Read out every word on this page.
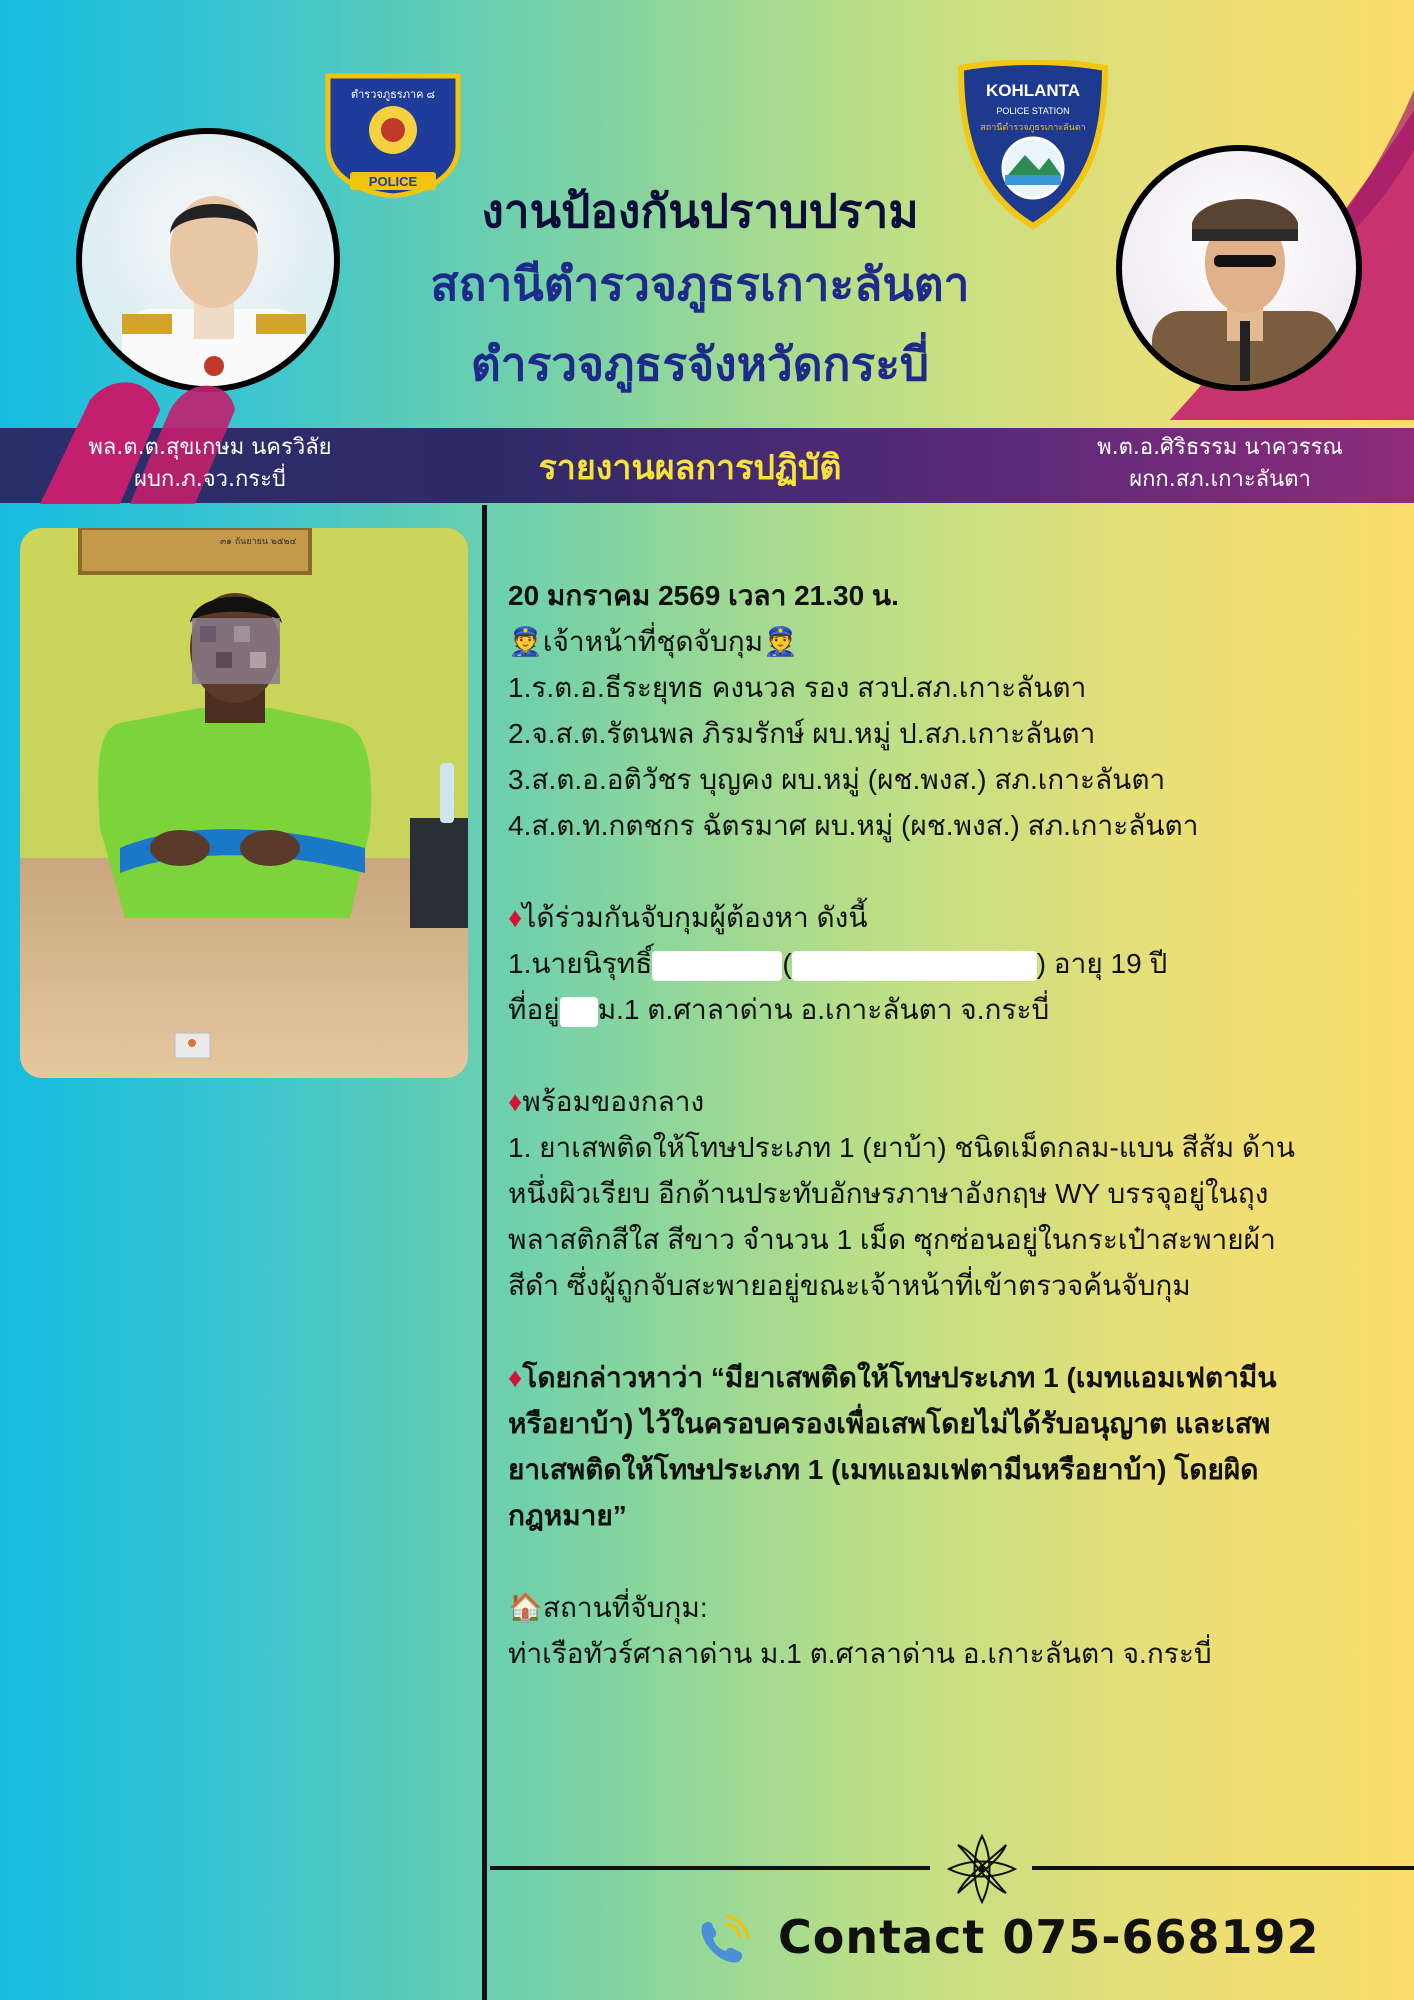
POLICE
ตำรวจภูธรภาค ๘	KOHLANTA
POLICE STATION
สถานีตำรวจภูธรเกาะลันตา
งานป้องกันปราบปราม
สถานีตำรวจภูธรเกาะลันตา
ตำรวจภูธรจังหวัดกระบี่
พล.ต.ต.สุขเกษม นครวิลัย
ผบก.ภ.จว.กระบี่	รายงานผลการปฏิบัติ
พ.ต.อ.ศิริธรรม นาควรรณ
ผกก.สภ.เกาะลันตา
๓๑ ถันยายน ๒๕๒๔
20 มกราคม 2569 เวลา 21.30 น.
👮เจ้าหน้าที่ชุดจับกุม👮
1.ร.ต.อ.ธีระยุทธ คงนวล รอง สวป.สภ.เกาะลันตา
2.จ.ส.ต.รัตนพล ภิรมรักษ์ ผบ.หมู่ ป.สภ.เกาะลันตา
3.ส.ต.อ.อติวัชร บุญคง ผบ.หมู่ (ผช.พงส.) สภ.เกาะลันตา
4.ส.ต.ท.กตชกร ฉัตรมาศ ผบ.หมู่ (ผช.พงส.) สภ.เกาะลันตา
♦ได้ร่วมกันจับกุมผู้ต้องหา ดังนี้
1.นายนิรุทธิ์	(	) อายุ 19 ปี
ที่อยู่ ม.1 ต.ศาลาด่าน อ.เกาะลันตา จ.กระบี่
♦พร้อมของกลาง
1. ยาเสพติดให้โทษประเภท 1 (ยาบ้า) ชนิดเม็ดกลม-แบน สีส้ม ด้าน
หนึ่งผิวเรียบ อีกด้านประทับอักษรภาษาอังกฤษ WY บรรจุอยู่ในถุง
พลาสติกสีใส สีขาว จำนวน 1 เม็ด ซุกซ่อนอยู่ในกระเป๋าสะพายผ้า
สีดำ ซึ่งผู้ถูกจับสะพายอยู่ขณะเจ้าหน้าที่เข้าตรวจค้นจับกุม
♦โดยกล่าวหาว่า “มียาเสพติดให้โทษประเภท 1 (เมทแอมเฟตามีน
หรือยาบ้า) ไว้ในครอบครองเพื่อเสพโดยไม่ได้รับอนุญาต และเสพ
ยาเสพติดให้โทษประเภท 1 (เมทแอมเฟตามีนหรือยาบ้า) โดยผิด
กฎหมาย”
🏠สถานที่จับกุม:
ท่าเรือทัวร์ศาลาด่าน ม.1 ต.ศาลาด่าน อ.เกาะลันตา จ.กระบี่
Contact 075-668192
